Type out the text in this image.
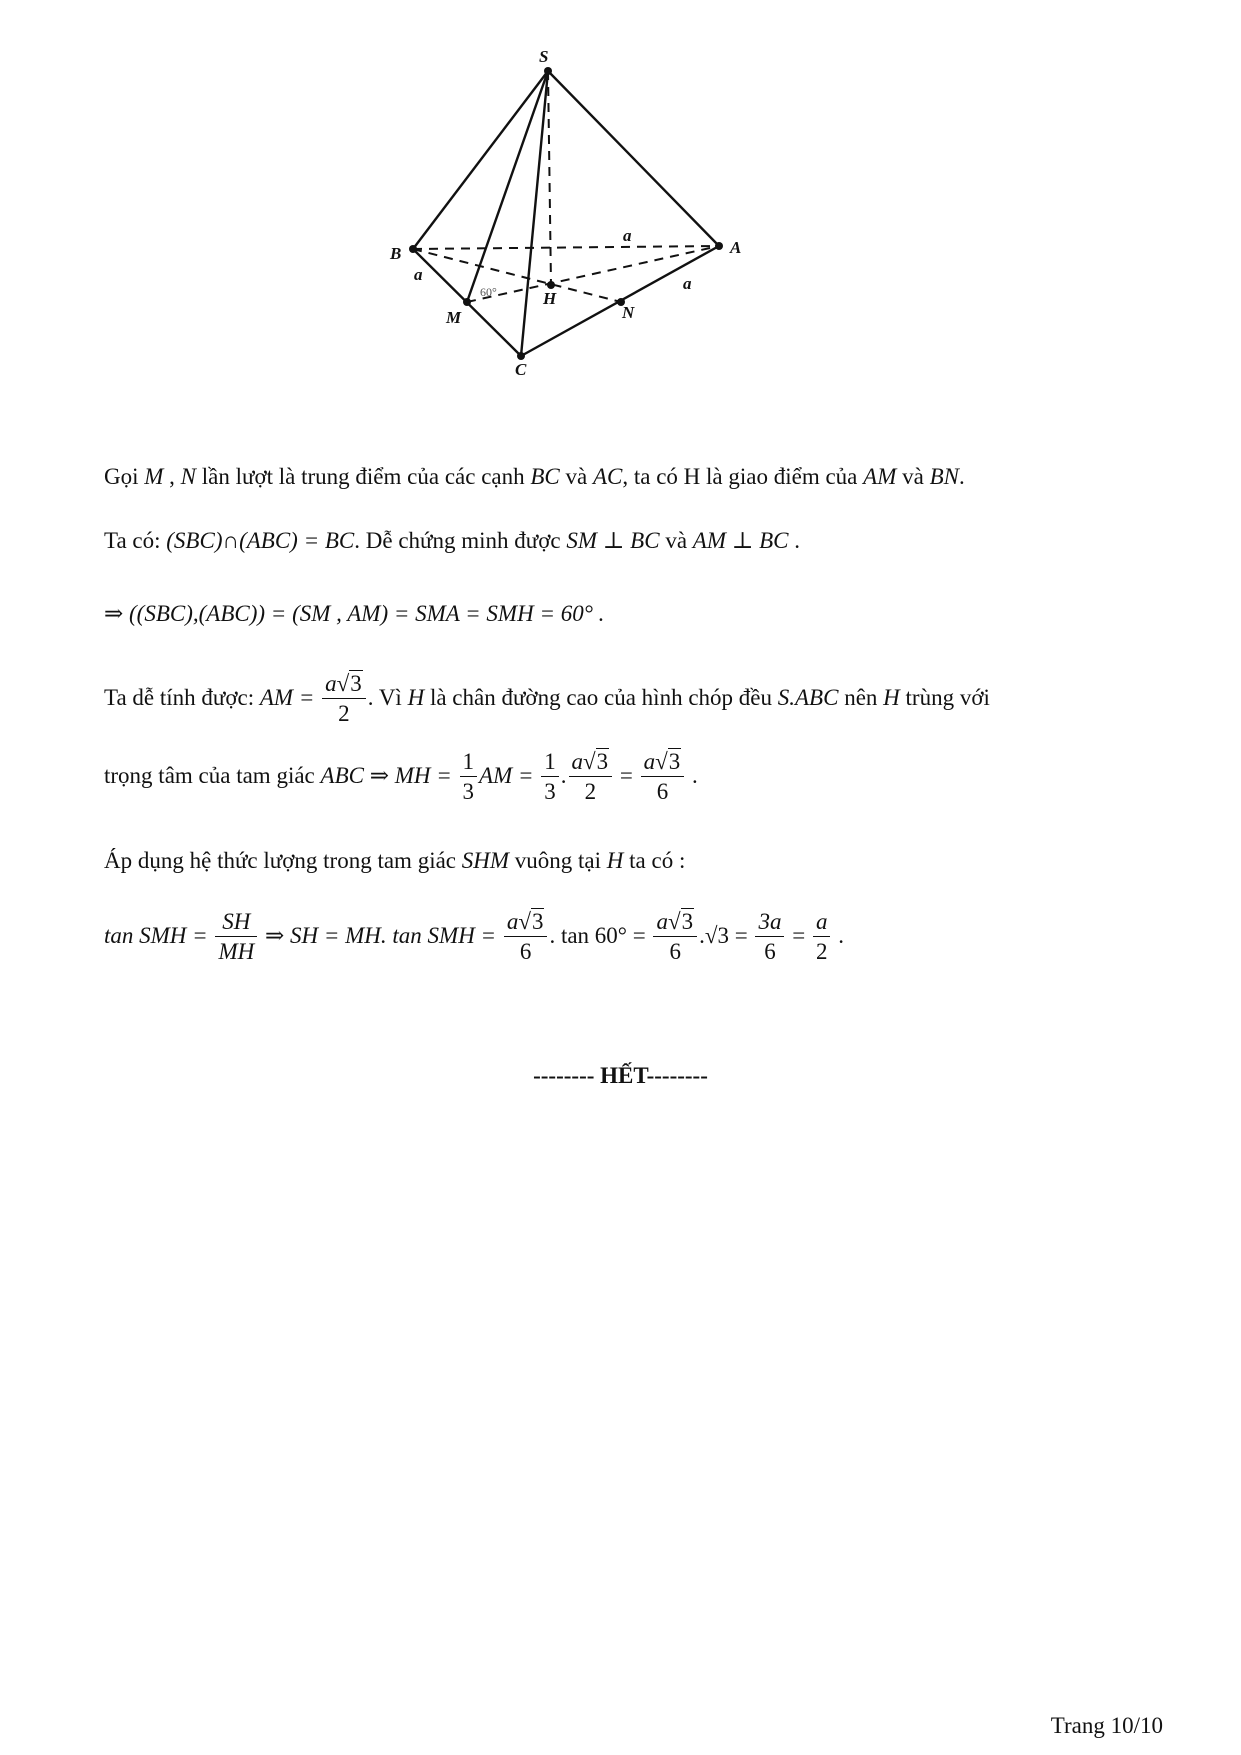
S
A
B
C
M	N
H
a
a	a
60°
Gọi M , N lần lượt là trung điểm của các cạnh BC và AC, ta có H là giao điểm của AM và BN.
Ta có: (SBC)∩(ABC) = BC. Dễ chứng minh được SM ⊥ BC và AM ⊥ BC .
⇒ ((SBC),(ABC)) = (SM , AM) = SMA = SMH = 60° .
Ta dễ tính được: AM = $\frac{a√3}{2}$ . Vì H là chân đường cao của hình chóp đều S.ABC nên H trùng với
trọng tâm của tam giác ABC ⇒ MH = $\frac{1}{3}$ AM = $\frac{1}{3}$ . $\frac{a√3}{2} = \frac{a√3}{6}$ .
Áp dụng hệ thức lượng trong tam giác SHM vuông tại H ta có :
tan SMH = $\frac{SH}{MH}$ ⇒ SH = MH. tan SMH = $\frac{a√3}{6}$ . $\tan 60^\circ = \frac{a√3}{6} .√3 = \frac{3a}{6} = \frac{a}{2}$ .
-------- HẾT--------
Trang 10/10
